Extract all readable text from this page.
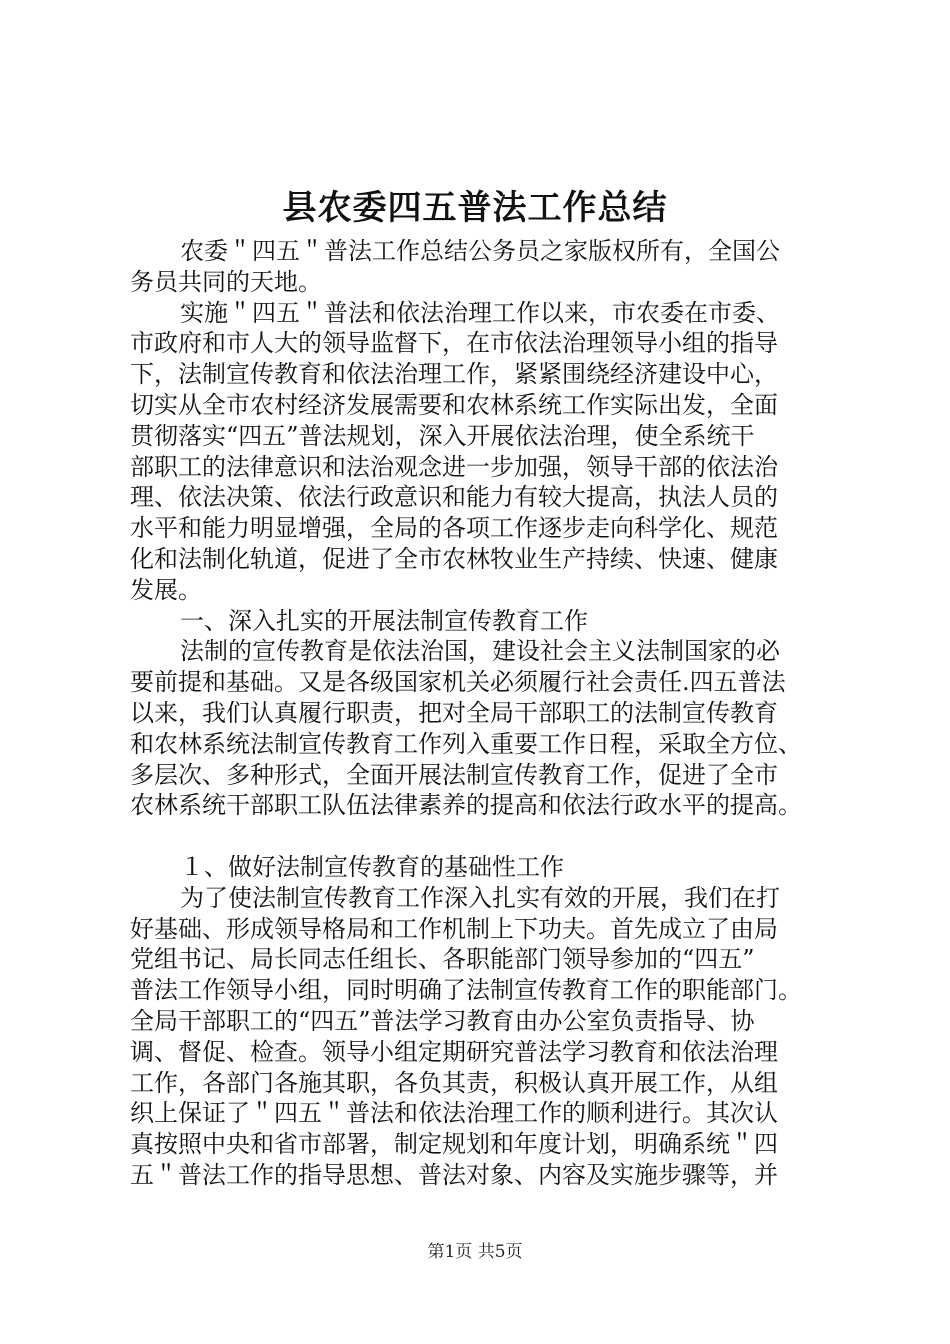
县农委四五普法工作总结
农委＂四五＂普法工作总结公务员之家版权所有，全国公
务员共同的天地。
实施＂四五＂普法和依法治理工作以来，市农委在市委、
市政府和市人大的领导监督下，在市依法治理领导小组的指导
下，法制宣传教育和依法治理工作，紧紧围绕经济建设中心，
切实从全市农村经济发展需要和农林系统工作实际出发，全面
贯彻落实“四五”普法规划，深入开展依法治理，使全系统干
部职工的法律意识和法治观念进一步加强，领导干部的依法治
理、依法决策、依法行政意识和能力有较大提高，执法人员的
水平和能力明显增强，全局的各项工作逐步走向科学化、规范
化和法制化轨道，促进了全市农林牧业生产持续、快速、健康
发展。
一、深入扎实的开展法制宣传教育工作
法制的宣传教育是依法治国，建设社会主义法制国家的必
要前提和基础。又是各级国家机关必须履行社会责任.四五普法
以来，我们认真履行职责，把对全局干部职工的法制宣传教育
和农林系统法制宣传教育工作列入重要工作日程，采取全方位、
多层次、多种形式，全面开展法制宣传教育工作，促进了全市
农林系统干部职工队伍法律素养的提高和依法行政水平的提高。
１、做好法制宣传教育的基础性工作
为了使法制宣传教育工作深入扎实有效的开展，我们在打
好基础、形成领导格局和工作机制上下功夫。首先成立了由局
党组书记、局长同志任组长、各职能部门领导参加的“四五”
普法工作领导小组，同时明确了法制宣传教育工作的职能部门。
全局干部职工的“四五”普法学习教育由办公室负责指导、协
调、督促、检查。领导小组定期研究普法学习教育和依法治理
工作，各部门各施其职，各负其责，积极认真开展工作，从组
织上保证了＂四五＂普法和依法治理工作的顺利进行。其次认
真按照中央和省市部署，制定规划和年度计划，明确系统＂四
五＂普法工作的指导思想、普法对象、内容及实施步骤等，并
第1页 共5页
